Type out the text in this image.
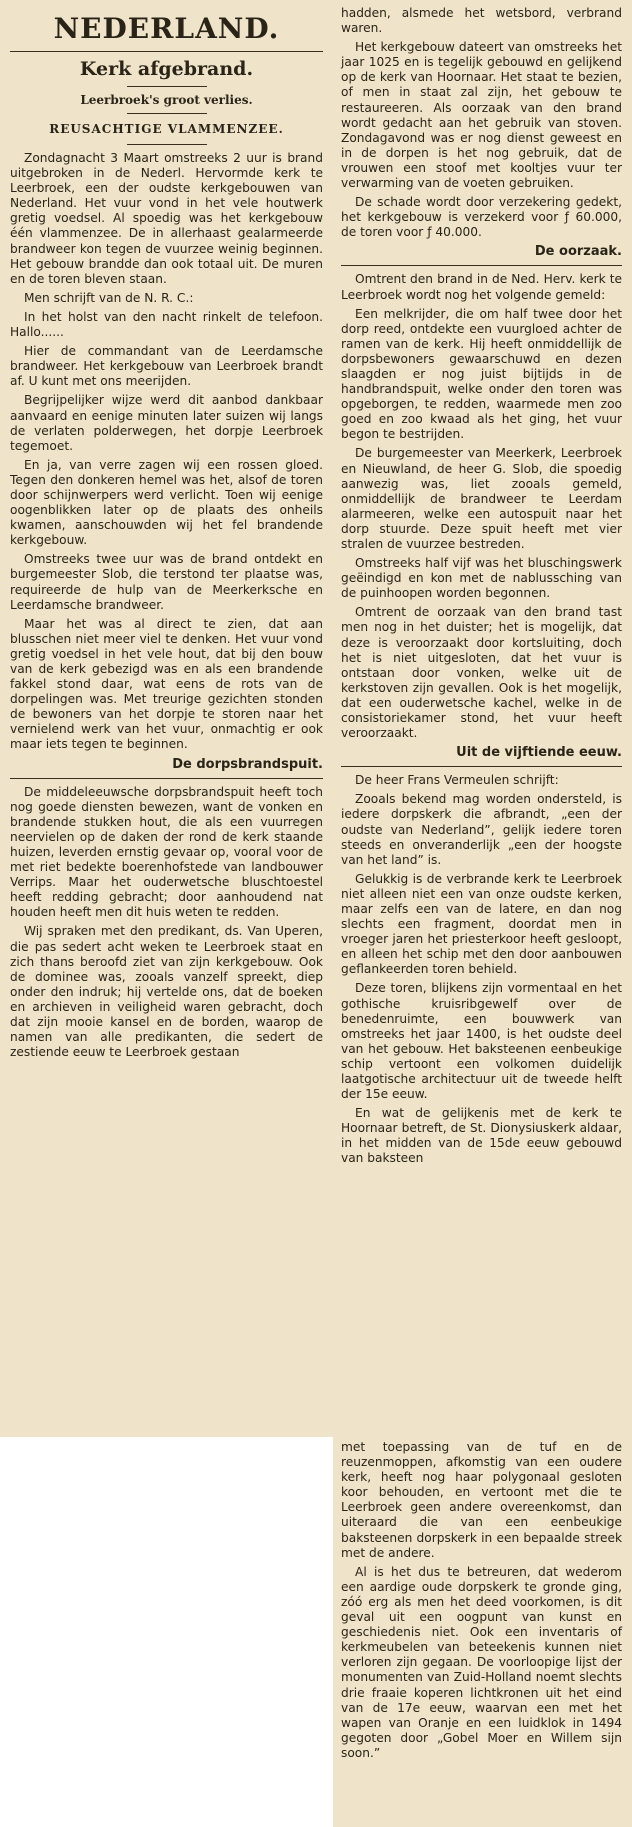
NEDERLAND.
Kerk afgebrand.
Leerbroek's groot verlies.
REUSACHTIGE VLAMMENZEE.

Zondagnacht 3 Maart omstreeks 2 uur is brand uitgebroken in de Nederl. Hervormde kerk te Leerbroek, een der oudste kerkgebouwen van Nederland. Het vuur vond in het vele houtwerk gretig voedsel. Al spoedig was het kerkgebouw één vlammenzee. De in allerhaast gealarmeerde brandweer kon tegen de vuurzee weinig beginnen. Het gebouw brandde dan ook totaal uit. De muren en de toren bleven staan.

Men schrijft van de N. R. C.:

In het holst van den nacht rinkelt de telefoon. Hallo......

Hier de commandant van de Leerdamsche brandweer. Het kerkgebouw van Leerbroek brandt af. U kunt met ons meerijden.

Begrijpelijker wijze werd dit aanbod dankbaar aanvaard en eenige minuten later suizen wij langs de verlaten polderwegen, het dorpje Leerbroek tegemoet.

En ja, van verre zagen wij een rossen gloed. Tegen den donkeren hemel was het, alsof de toren door schijnwerpers werd verlicht. Toen wij eenige oogenblikken later op de plaats des onheils kwamen, aanschouwden wij het fel brandende kerkgebouw.

Omstreeks twee uur was de brand ontdekt en burgemeester Slob, die terstond ter plaatse was, requireerde de hulp van de Meerkerksche en Leerdamsche brandweer.

Maar het was al direct te zien, dat aan blusschen niet meer viel te denken. Het vuur vond gretig voedsel in het vele hout, dat bij den bouw van de kerk gebezigd was en als een brandende fakkel stond daar, wat eens de rots van de dorpelingen was. Met treurige gezichten stonden de bewoners van het dorpje te storen naar het vernielend werk van het vuur, onmachtig er ook maar iets tegen te beginnen.

De dorpsbrandspuit.

De middeleeuwsche dorpsbrandspuit heeft toch nog goede diensten bewezen, want de vonken en brandende stukken hout, die als een vuurregen neervielen op de daken der rond de kerk staande huizen, leverden ernstig gevaar op, vooral voor de met riet bedekte boerenhofstede van landbouwer Verrips. Maar het ouderwetsche bluschtoestel heeft redding gebracht; door aanhoudend nat houden heeft men dit huis weten te redden.

Wij spraken met den predikant, ds. Van Uperen, die pas sedert acht weken te Leerbroek staat en zich thans beroofd ziet van zijn kerkgebouw. Ook de dominee was, zooals vanzelf spreekt, diep onder den indruk; hij vertelde ons, dat de boeken en archieven in veiligheid waren gebracht, doch dat zijn mooie kansel en de borden, waarop de namen van alle predikanten, die sedert de zestiende eeuw te Leerbroek gestaan

hadden, alsmede het wetsbord, verbrand waren.

Het kerkgebouw dateert van omstreeks het jaar 1025 en is tegelijk gebouwd en gelijkend op de kerk van Hoornaar. Het staat te bezien, of men in staat zal zijn, het gebouw te restaureeren. Als oorzaak van den brand wordt gedacht aan het gebruik van stoven. Zondagavond was er nog dienst geweest en in de dorpen is het nog gebruik, dat de vrouwen een stoof met kooltjes vuur ter verwarming van de voeten gebruiken.

De schade wordt door verzekering gedekt, het kerkgebouw is verzekerd voor ƒ 60.000, de toren voor ƒ 40.000.

De oorzaak.

Omtrent den brand in de Ned. Herv. kerk te Leerbroek wordt nog het volgende gemeld:

Een melkrijder, die om half twee door het dorp reed, ontdekte een vuurgloed achter de ramen van de kerk. Hij heeft onmiddellijk de dorpsbewoners gewaarschuwd en dezen slaagden er nog juist bijtijds in de handbrandspuit, welke onder den toren was opgeborgen, te redden, waarmede men zoo goed en zoo kwaad als het ging, het vuur begon te bestrijden.

De burgemeester van Meerkerk, Leerbroek en Nieuwland, de heer G. Slob, die spoedig aanwezig was, liet zooals gemeld, onmiddellijk de brandweer te Leerdam alarmeeren, welke een autospuit naar het dorp stuurde. Deze spuit heeft met vier stralen de vuurzee bestreden.

Omstreeks half vijf was het bluschingswerk geëindigd en kon met de nablussching van de puinhoopen worden begonnen.

Omtrent de oorzaak van den brand tast men nog in het duister; het is mogelijk, dat deze is veroorzaakt door kortsluiting, doch het is niet uitgesloten, dat het vuur is ontstaan door vonken, welke uit de kerkstoven zijn gevallen. Ook is het mogelijk, dat een ouderwetsche kachel, welke in de consistoriekamer stond, het vuur heeft veroorzaakt.

Uit de vijftiende eeuw.

De heer Frans Vermeulen schrijft:

Zooals bekend mag worden ondersteld, is iedere dorpskerk die afbrandt, „een der oudste van Nederland”, gelijk iedere toren steeds en onveranderlijk „een der hoogste van het land” is.

Gelukkig is de verbrande kerk te Leerbroek niet alleen niet een van onze oudste kerken, maar zelfs een van de latere, en dan nog slechts een fragment, doordat men in vroeger jaren het priesterkoor heeft gesloopt, en alleen het schip met den door aanbouwen geflankeerden toren behield.

Deze toren, blijkens zijn vormentaal en het gothische kruisribgewelf over de benedenruimte, een bouwwerk van omstreeks het jaar 1400, is het oudste deel van het gebouw. Het baksteenen eenbeukige schip vertoont een volkomen duidelijk laatgotische architectuur uit de tweede helft der 15e eeuw.

En wat de gelijkenis met de kerk te Hoornaar betreft, de St. Dionysiuskerk aldaar, in het midden van de 15de eeuw gebouwd van baksteen

met toepassing van de tuf en de reuzenmoppen, afkomstig van een oudere kerk, heeft nog haar polygonaal gesloten koor behouden, en vertoont met die te Leerbroek geen andere overeenkomst, dan uiteraard die van een eenbeukige baksteenen dorpskerk in een bepaalde streek met de andere.

Al is het dus te betreuren, dat wederom een aardige oude dorpskerk te gronde ging, zóó erg als men het deed voorkomen, is dit geval uit een oogpunt van kunst en geschiedenis niet. Ook een inventaris of kerkmeubelen van beteekenis kunnen niet verloren zijn gegaan. De voorloopige lijst der monumenten van Zuid-Holland noemt slechts drie fraaie koperen lichtkronen uit het eind van de 17e eeuw, waarvan een met het wapen van Oranje en een luidklok in 1494 gegoten door „Gobel Moer en Willem sijn soon.”
